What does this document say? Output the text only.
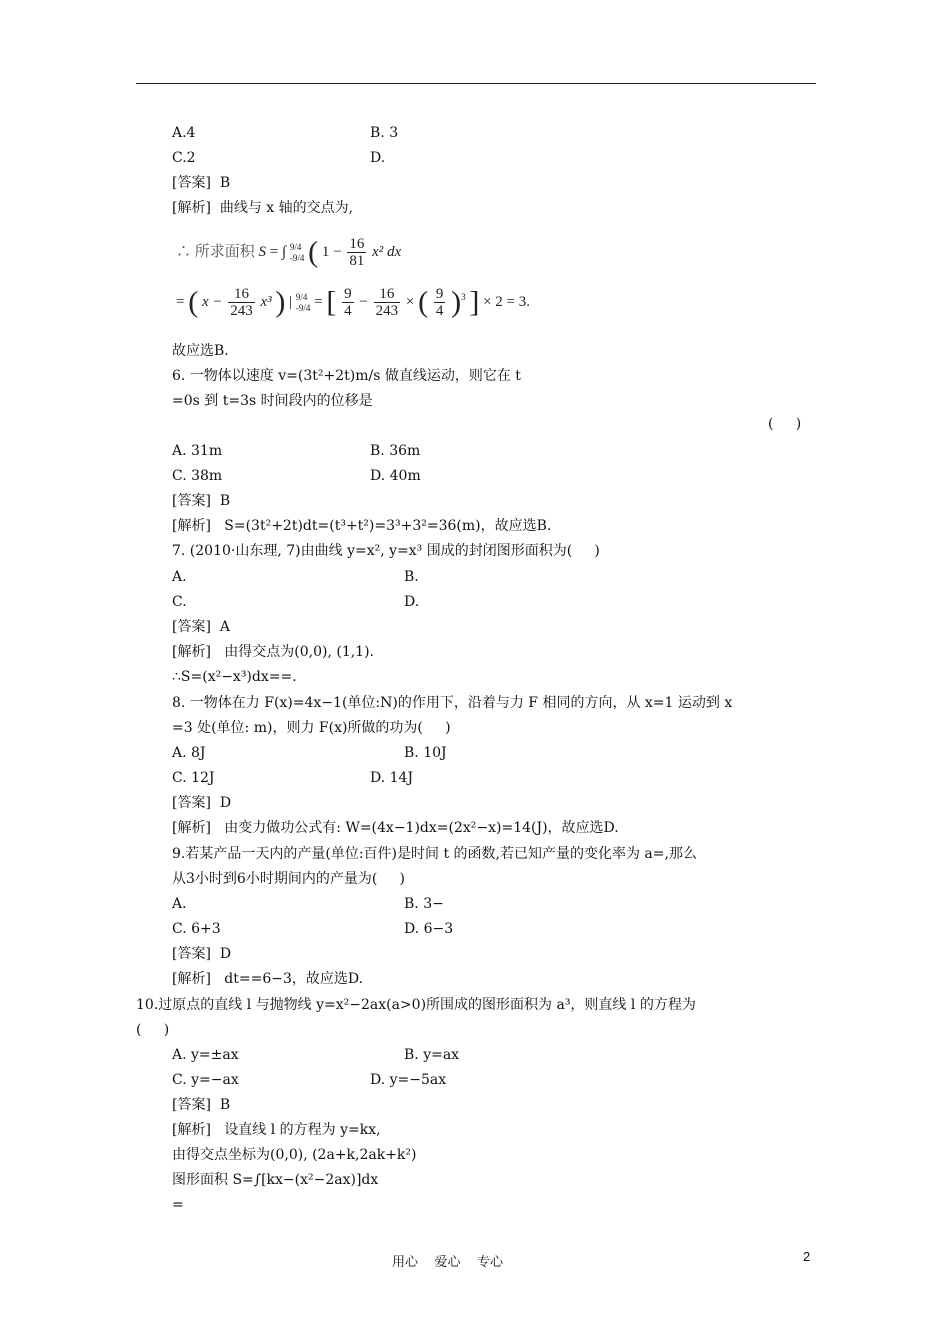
A.4	B. 3
C.2	D.
[答案]  B
[解析]  曲线与 x 轴的交点为,
∴ 所求面积 S = ∫ 9/4
-9/4 ( $1 - \frac{16}{81} x^2$ dx
= ( $x - \frac{16}{243} x^3$ ) | 9/4
-9/4 = [ $\frac{9}{4} - \frac{16}{243}$ × ( $\frac{9}{4} )^3$ ] × 2 = 3.
故应选B.
6. 一物体以速度 v=(3t²+2t)m/s 做直线运动，则它在 t
=0s 到 t=3s 时间段内的位移是
(     )
A. 31m	B. 36m
C. 38m	D. 40m
[答案]  B
[解析]   S=(3t²+2t)dt=(t³+t²)=3³+3²=36(m)，故应选B.
7. (2010·山东理, 7)由曲线 y=x², y=x³ 围成的封闭图形面积为(     )
A.	B.
C.	D.
[答案]  A
[解析]   由得交点为(0,0), (1,1).
∴S=(x²−x³)dx==.
8. 一物体在力 F(x)=4x−1(单位:N)的作用下，沿着与力 F 相同的方向，从 x=1 运动到 x
=3 处(单位: m)，则力 F(x)所做的功为(     )
A. 8J	B. 10J
C. 12J	D. 14J
[答案]  D
[解析]   由变力做功公式有: W=(4x−1)dx=(2x²−x)=14(J)，故应选D.
9.若某产品一天内的产量(单位:百件)是时间 t 的函数,若已知产量的变化率为 a=,那么
从3小时到6小时期间内的产量为(     )
A.	B. 3−
C. 6+3	D. 6−3
[答案]  D
[解析]   dt==6−3，故应选D.
10.过原点的直线 l 与抛物线 y=x²−2ax(a>0)所围成的图形面积为 a³，则直线 l 的方程为
(     )
A. y=±ax	B. y=ax
C. y=−ax	D. y=−5ax
[答案]  B
[解析]   设直线 l 的方程为 y=kx,
由得交点坐标为(0,0), (2a+k,2ak+k²)
图形面积 S=∫[kx−(x²−2ax)]dx
=
用心    爱心    专心	2
